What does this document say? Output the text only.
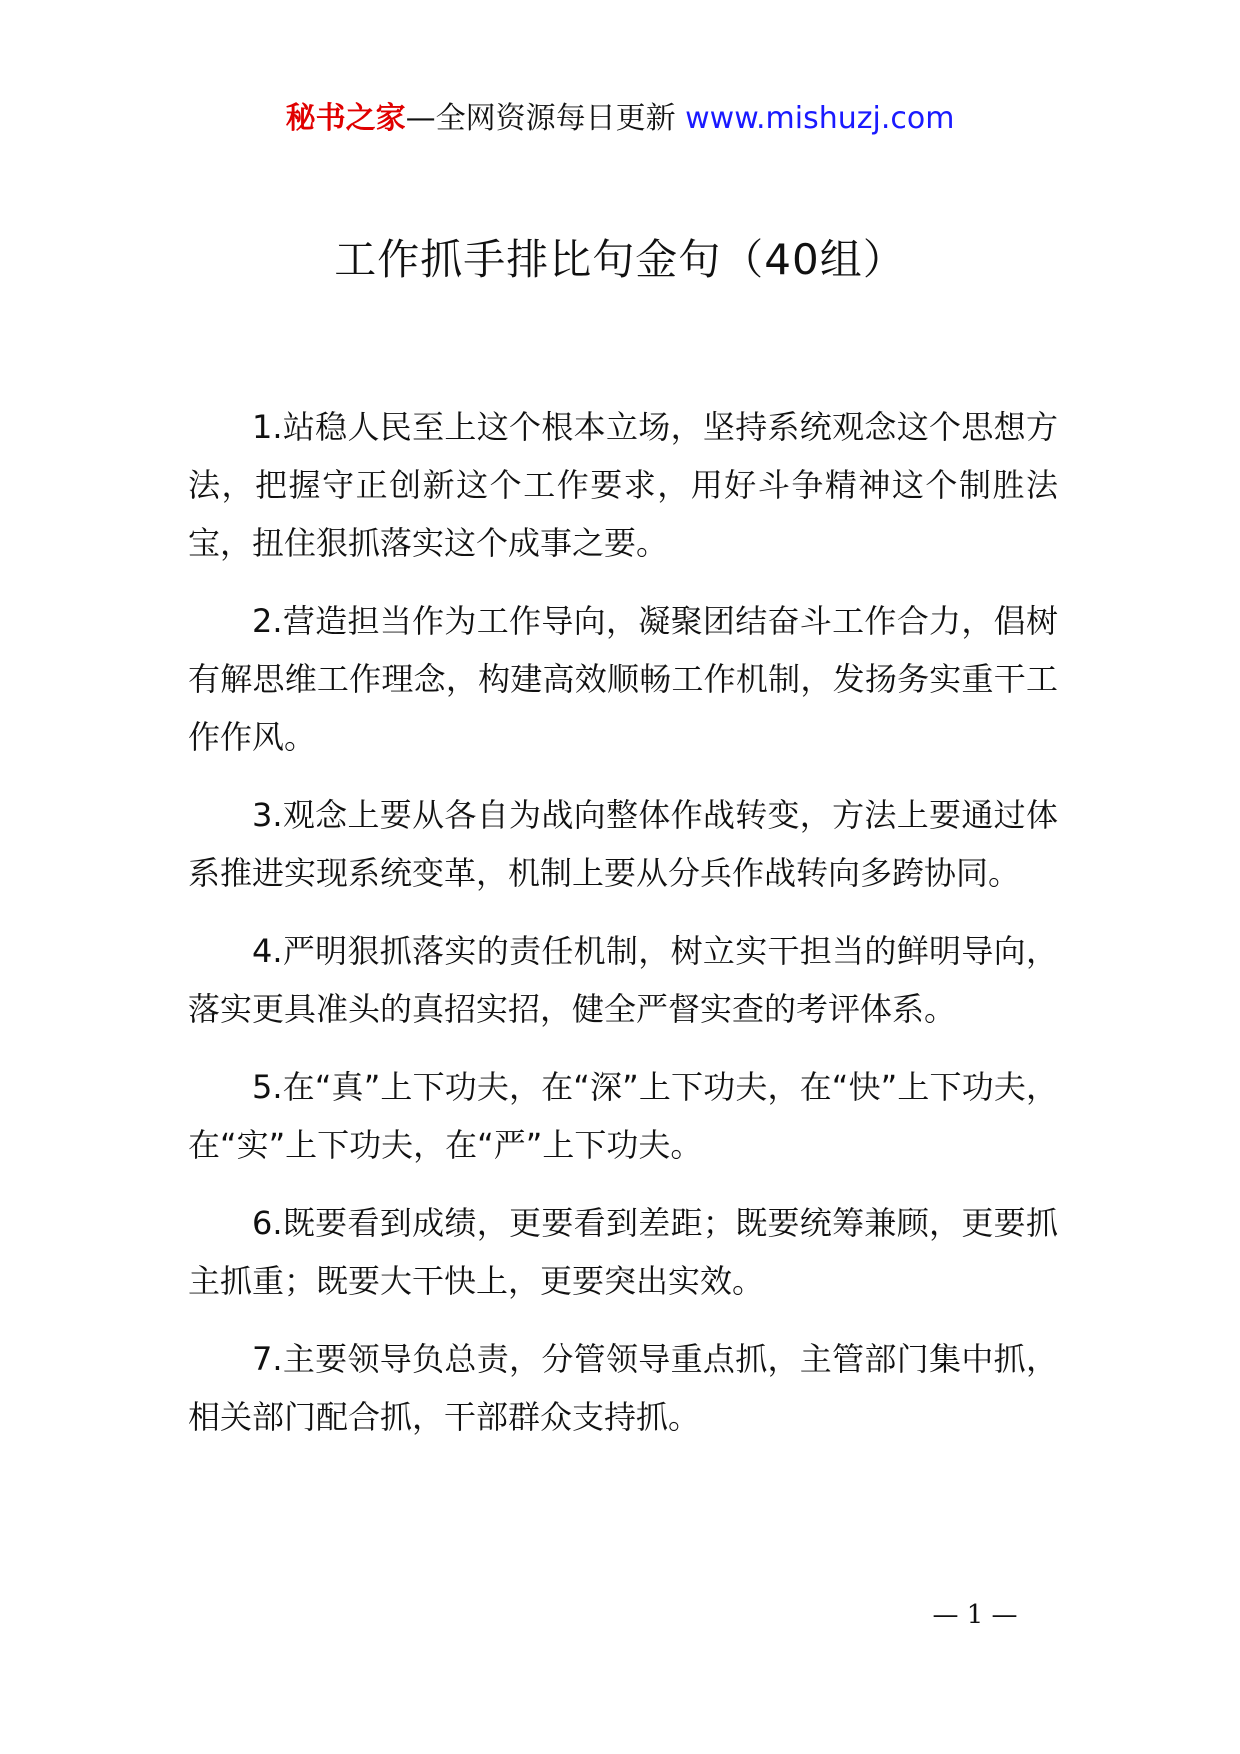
秘书之家—全网资源每日更新 www.mishuzj.com
工作抓手排比句金句（40组）

1.站稳人民至上这个根本立场，坚持系统观念这个思想方法，把握守正创新这个工作要求，用好斗争精神这个制胜法宝，扭住狠抓落实这个成事之要。

2.营造担当作为工作导向，凝聚团结奋斗工作合力，倡树有解思维工作理念，构建高效顺畅工作机制，发扬务实重干工作作风。

3.观念上要从各自为战向整体作战转变，方法上要通过体系推进实现系统变革，机制上要从分兵作战转向多跨协同。

4.严明狠抓落实的责任机制，树立实干担当的鲜明导向，落实更具准头的真招实招，健全严督实查的考评体系。

5.在“真”上下功夫，在“深”上下功夫，在“快”上下功夫，在“实”上下功夫，在“严”上下功夫。

6.既要看到成绩，更要看到差距；既要统筹兼顾，更要抓主抓重；既要大干快上，更要突出实效。

7.主要领导负总责，分管领导重点抓，主管部门集中抓，相关部门配合抓，干部群众支持抓。

— 1 —
